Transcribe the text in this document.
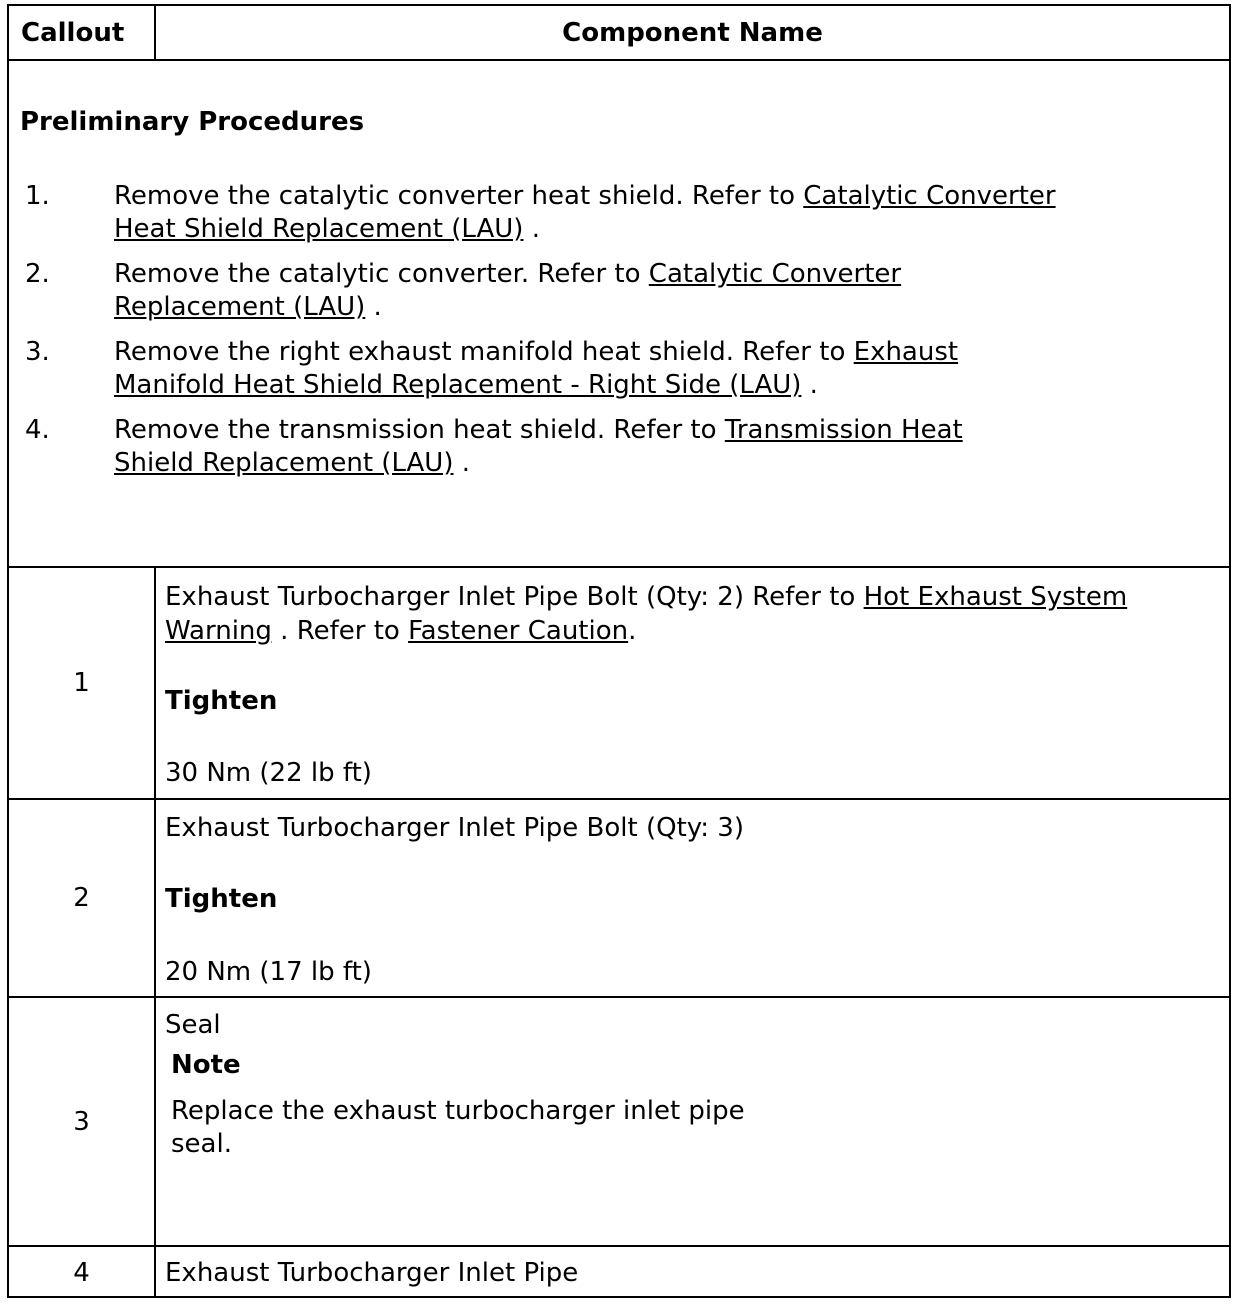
Callout	Component Name
Preliminary Procedures
1. Remove the catalytic converter heat shield. Refer to Catalytic Converter
Heat Shield Replacement (LAU) .
2. Remove the catalytic converter. Refer to Catalytic Converter
Replacement (LAU) .
3. Remove the right exhaust manifold heat shield. Refer to Exhaust
Manifold Heat Shield Replacement - Right Side (LAU) .
4. Remove the transmission heat shield. Refer to Transmission Heat
Shield Replacement (LAU) .
1
Exhaust Turbocharger Inlet Pipe Bolt (Qty: 2) Refer to Hot Exhaust System
Warning . Refer to Fastener Caution.
Tighten
30 Nm (22 lb ft)
2
Exhaust Turbocharger Inlet Pipe Bolt (Qty: 3)
Tighten
20 Nm (17 lb ft)
3
Seal
Note
Replace the exhaust turbocharger inlet pipe
seal.
4	Exhaust Turbocharger Inlet Pipe
